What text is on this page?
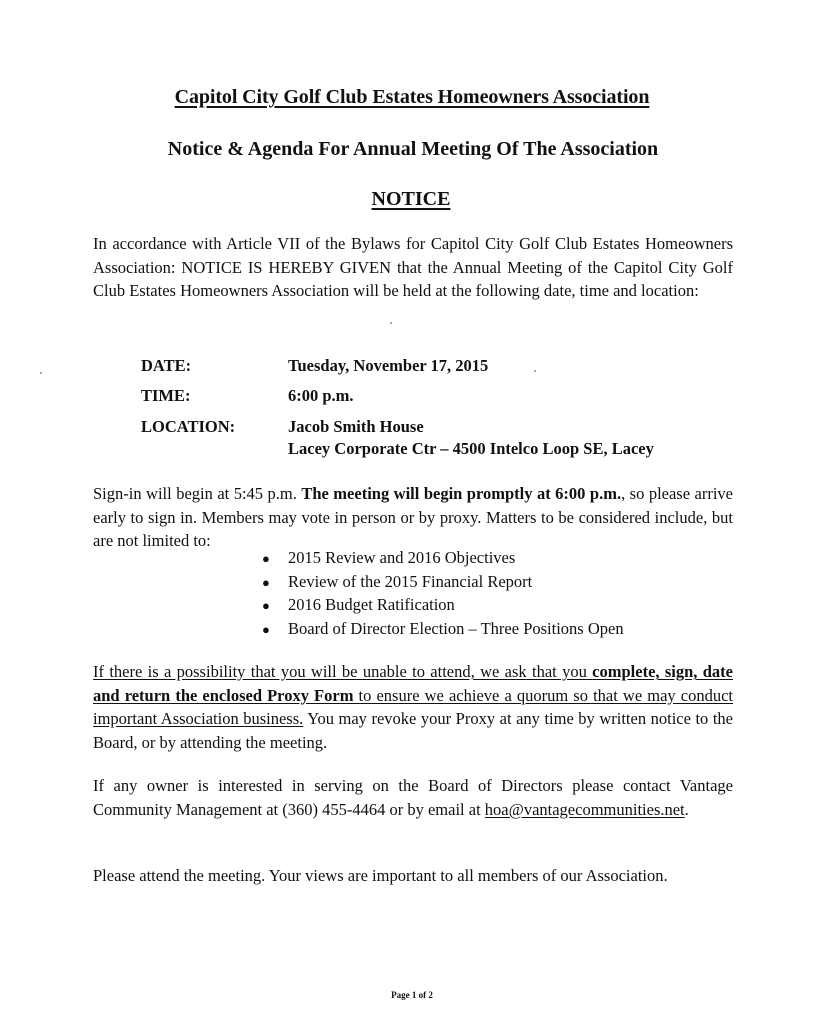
Capitol City Golf Club Estates Homeowners Association
Notice & Agenda For Annual Meeting Of The Association
NOTICE

In accordance with Article VII of the Bylaws for Capitol City Golf Club Estates Homeowners Association: NOTICE IS HEREBY GIVEN that the Annual Meeting of the Capitol City Golf Club Estates Homeowners Association will be held at the following date, time and location:

DATE:	Tuesday, November 17, 2015
TIME:	6:00 p.m.
LOCATION:	Jacob Smith House
Lacey Corporate Ctr – 4500 Intelco Loop SE, Lacey

Sign-in will begin at 5:45 p.m. The meeting will begin promptly at 6:00 p.m., so please arrive early to sign in. Members may vote in person or by proxy. Matters to be considered include, but are not limited to:

●	2015 Review and 2016 Objectives
●	Review of the 2015 Financial Report
●	2016 Budget Ratification
●	Board of Director Election – Three Positions Open

If there is a possibility that you will be unable to attend, we ask that you complete, sign, date and return the enclosed Proxy Form to ensure we achieve a quorum so that we may conduct important Association business. You may revoke your Proxy at any time by written notice to the Board, or by attending the meeting.

If any owner is interested in serving on the Board of Directors please contact Vantage Community Management at (360) 455-4464 or by email at hoa@vantagecommunities.net.

Please attend the meeting. Your views are important to all members of our Association.

Page 1 of 2
